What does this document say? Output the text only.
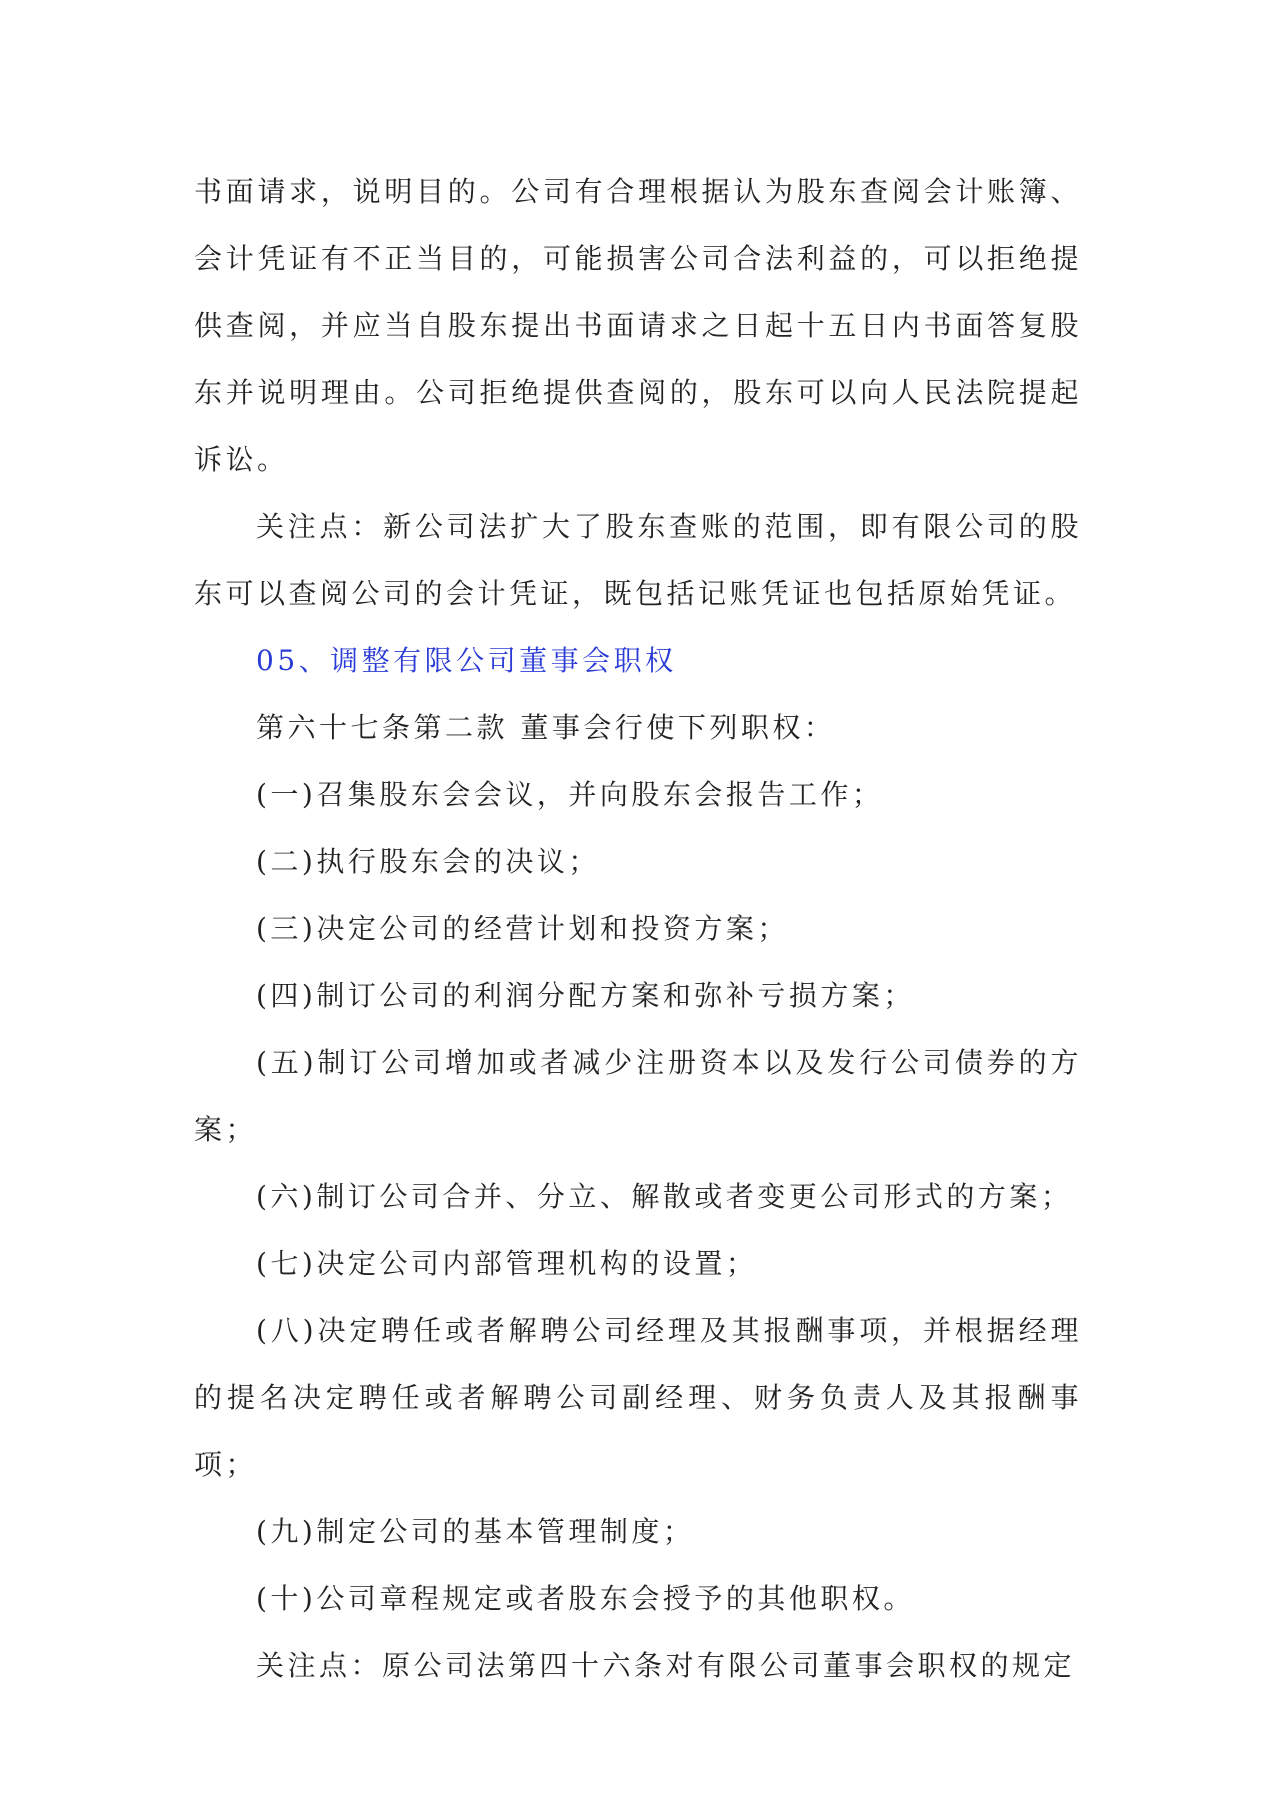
书面请求，说明目的。公司有合理根据认为股东查阅会计账簿、会计凭证有不正当目的，可能损害公司合法利益的，可以拒绝提供查阅，并应当自股东提出书面请求之日起十五日内书面答复股东并说明理由。公司拒绝提供查阅的，股东可以向人民法院提起诉讼。

关注点：新公司法扩大了股东查账的范围，即有限公司的股东可以查阅公司的会计凭证，既包括记账凭证也包括原始凭证。

05、调整有限公司董事会职权

第六十七条第二款 董事会行使下列职权：

(一)召集股东会会议，并向股东会报告工作；

(二)执行股东会的决议；

(三)决定公司的经营计划和投资方案；

(四)制订公司的利润分配方案和弥补亏损方案；

(五)制订公司增加或者减少注册资本以及发行公司债券的方案；

(六)制订公司合并、分立、解散或者变更公司形式的方案；

(七)决定公司内部管理机构的设置；

(八)决定聘任或者解聘公司经理及其报酬事项，并根据经理的提名决定聘任或者解聘公司副经理、财务负责人及其报酬事项；

(九)制定公司的基本管理制度；

(十)公司章程规定或者股东会授予的其他职权。

关注点：原公司法第四十六条对有限公司董事会职权的规定
